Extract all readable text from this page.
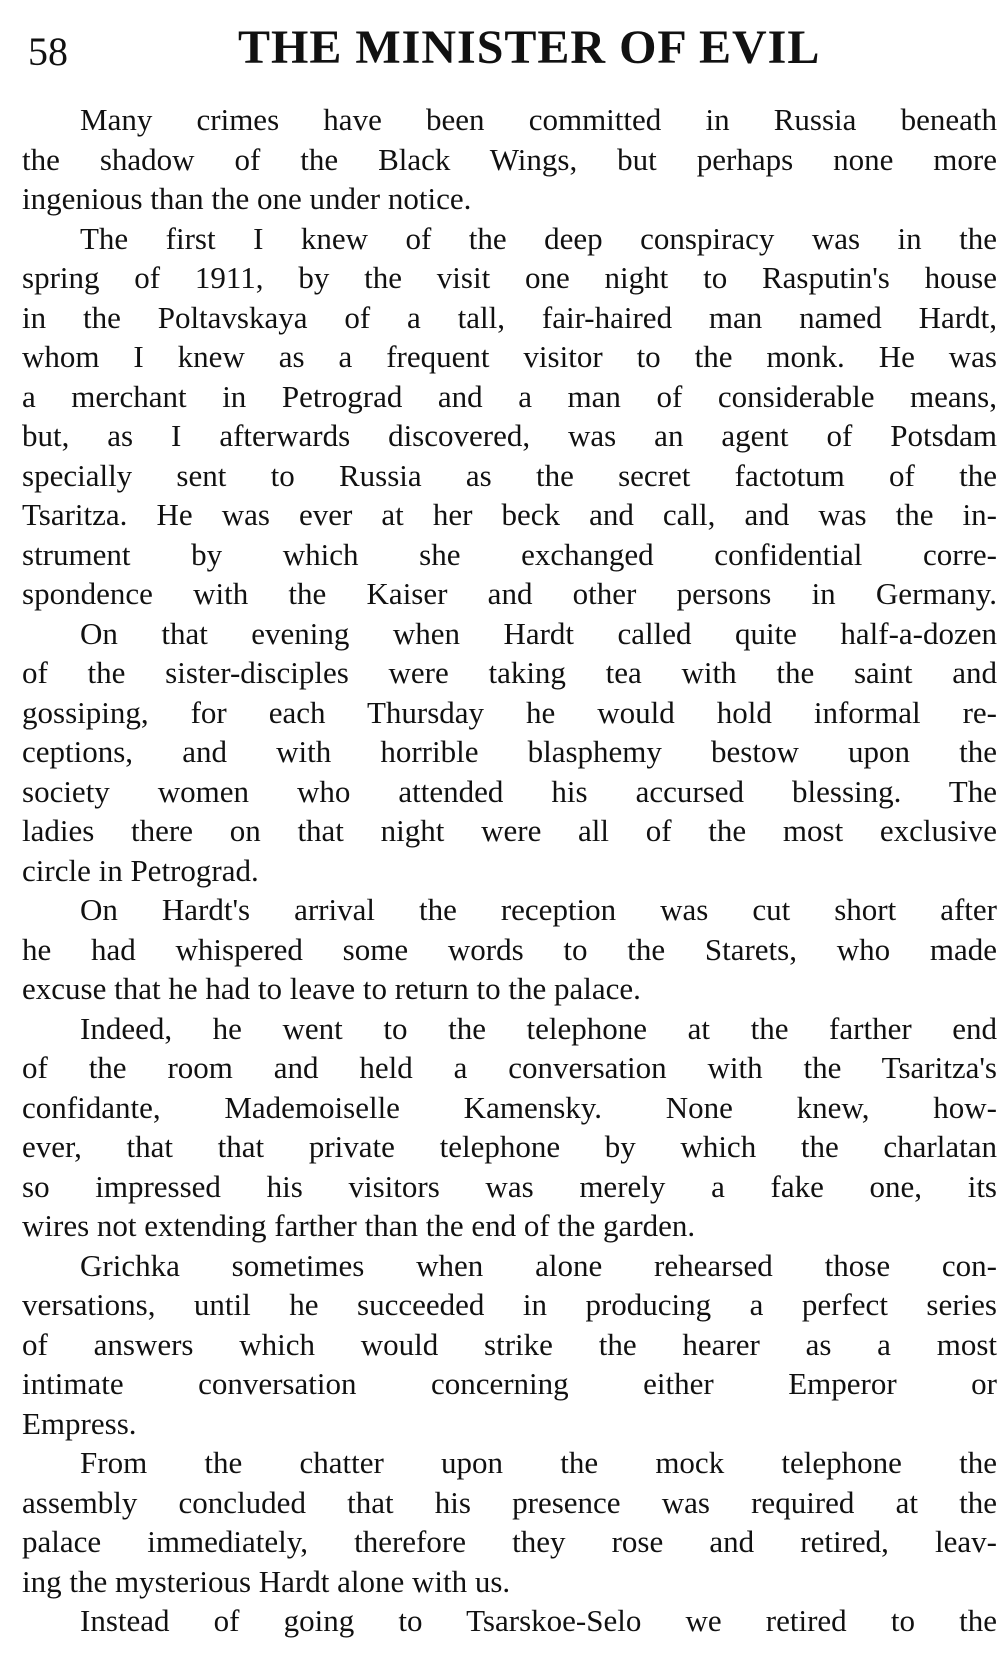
58	THE MINISTER OF EVIL
Many crimes have been committed in Russia beneath
the shadow of the Black Wings, but perhaps none more
ingenious than the one under notice.
The first I knew of the deep conspiracy was in the
spring of 1911, by the visit one night to Rasputin's house
in the Poltavskaya of a tall, fair-haired man named Hardt,
whom I knew as a frequent visitor to the monk. He was
a merchant in Petrograd and a man of considerable means,
but, as I afterwards discovered, was an agent of Potsdam
specially sent to Russia as the secret factotum of the
Tsaritza. He was ever at her beck and call, and was the in-
strument by which she exchanged confidential corre-
spondence with the Kaiser and other persons in Germany.
On that evening when Hardt called quite half-a-dozen
of the sister-disciples were taking tea with the saint and
gossiping, for each Thursday he would hold informal re-
ceptions, and with horrible blasphemy bestow upon the
society women who attended his accursed blessing. The
ladies there on that night were all of the most exclusive
circle in Petrograd.
On Hardt's arrival the reception was cut short after
he had whispered some words to the Starets, who made
excuse that he had to leave to return to the palace.
Indeed, he went to the telephone at the farther end
of the room and held a conversation with the Tsaritza's
confidante, Mademoiselle Kamensky. None knew, how-
ever, that that private telephone by which the charlatan
so impressed his visitors was merely a fake one, its
wires not extending farther than the end of the garden.
Grichka sometimes when alone rehearsed those con-
versations, until he succeeded in producing a perfect series
of answers which would strike the hearer as a most
intimate conversation concerning either Emperor or
Empress.
From the chatter upon the mock telephone the
assembly concluded that his presence was required at the
palace immediately, therefore they rose and retired, leav-
ing the mysterious Hardt alone with us.
Instead of going to Tsarskoe-Selo we retired to the
